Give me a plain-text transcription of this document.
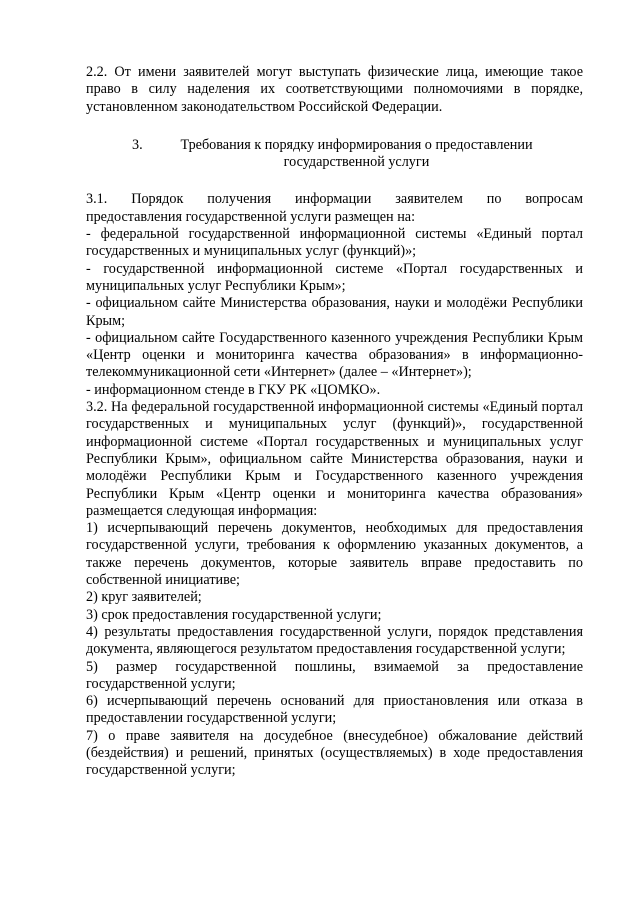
2.2. От имени заявителей могут выступать физические лица, имеющие такое право в силу наделения их соответствующими полномочиями в порядке, установленном законодательством Российской Федерации.

3.	Требования к порядку информирования о предоставлении
государственной услуги

3.1. Порядок получения информации заявителем по вопросам

предоставления государственной услуги размещен на:

- федеральной государственной информационной системы «Единый портал государственных и муниципальных услуг (функций)»;

- государственной информационной системе «Портал государственных и муниципальных услуг Республики Крым»;

- официальном сайте Министерства образования, науки и молодёжи Республики Крым;

- официальном сайте Государственного казенного учреждения Республики Крым «Центр оценки и мониторинга качества образования» в информационно-телекоммуникационной сети «Интернет» (далее – «Интернет»);

- информационном стенде в ГКУ РК «ЦОМКО».

3.2. На федеральной государственной информационной системы «Единый портал государственных и муниципальных услуг (функций)», государственной информационной системе «Портал государственных и муниципальных услуг Республики Крым», официальном сайте Министерства образования, науки и молодёжи Республики Крым и Государственного казенного учреждения Республики Крым «Центр оценки и мониторинга качества образования» размещается следующая информация:

1) исчерпывающий перечень документов, необходимых для предоставления государственной услуги, требования к оформлению указанных документов, а также перечень документов, которые заявитель вправе предоставить по собственной инициативе;

2) круг заявителей;

3) срок предоставления государственной услуги;

4) результаты предоставления государственной услуги, порядок представления документа, являющегося результатом предоставления государственной услуги;

5) размер государственной пошлины, взимаемой за предоставление государственной услуги;

6) исчерпывающий перечень оснований для приостановления или отказа в предоставлении государственной услуги;

7) о праве заявителя на досудебное (внесудебное) обжалование действий (бездействия) и решений, принятых (осуществляемых) в ходе предоставления государственной услуги;
